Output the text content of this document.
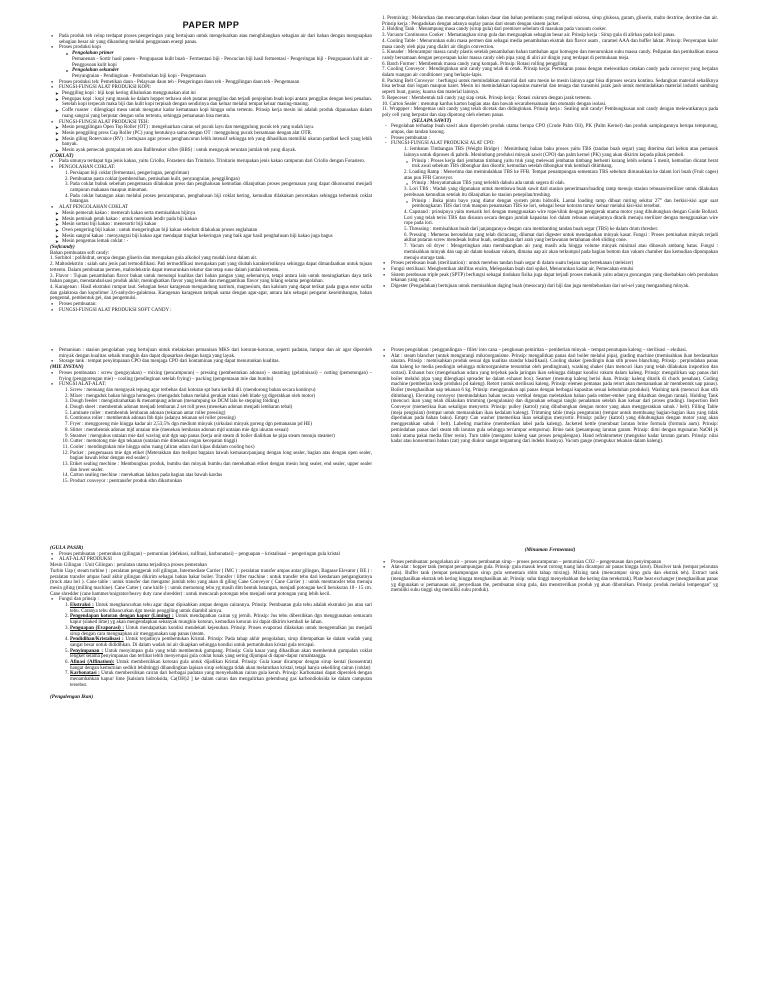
PAPER MPP
● Pada produk teh celup terdapat proses pengeringan yang bertujuan untuk mengeluarkan atau menghilangkan sebagian air dari bahan dengan menguapkan sebagian besar air yang dikandung melalui penggunaan energi panas.
● Proses produksi kopi
o Pengolahan primer

Pemanenan - Sortir hasil panen - Pengupasan kulit buah - Fermentasi biji - Pencucian biji hasil fermentasi - Pengeringan biji - Pengupasan kulit air - Penggosoan kulit kopi

o Pengolahan sekunder

Penyangraian - Pendinginan - Pembubukan biji kopi - Pengemasan

● Proses produksi teh: Pemetikan daun - Pelayuan daun teh - Pengeringan daun teh - Penggilingan daun teh - Pengemasan
● FUNGSI-FUNGSI ALAT PRODUKSI KOPI:
➤ Penggiling kopi : biji kopi kering dihaluskan menggunakan alat ini
➤ Pengupas kopi : kopi yang masuk ke dalam hopper terbawa oleh putaran penggilas dan terjadi penjepitan buah kopi antara penggilas dengan besi penahan. Setelah kopi terpecah maka biji dan kulit kopi terpisah dengan sendirinya dan keluar melalui tempat keluar masing-masing.
➤ Coffe roaster : dilengkapi mesu untuk mengatur kadar kematanan kopi hingga suhu tertentu. Prinsip kerja mesin ini adalah produk dipanaskan dalam ruang sangrai yang berputar dengan suhu tertentu, sehingga pemanasan bisa merata.
● FUNGSI-FUNGSI ALAT PRODUKSI TEH:
➤ Mesin penggilingan Open Top Roller (OT) : mengeluarkan cairan sel pucuk layu dan menggulung pucuk teh yang sudah layu.
➤ Mesin penggiling press Cap Roller (PC) yang bentuknya sama dengan OT : menggulung pucuk bersamaan dengan alat OTR.
➤ Mesin giling Rotervance (RV) : bertujuan agar proses penghancuran lebih intensif sehingga teh yang dihasilkan memiliki ukuran partikel kecil yang lebih banyak.
➤ Mesin ayak pemecah gumpalan teh atau Ballbreaker sifter (BBS) : untuk mengayak teruntan jumlah teh yang diayak.

(COKLAT)

● Pada umunya terdapat tiga jenis kakao, yaitu Criollo, Forastero dan Trinitario. Trinitario merupakan jenis kakao campuran dari Criollo dengan Forastero.
● PENGOLAHAN COKLAT:
1. Persiapan biji coklat (fermentasi, pengeringan, pengiriman)
2. Pembuatan pasta coklat (pembersihan, pemisahan kulit, penyangraian, penggilingan)
3. Pada coklat bubuk sebelum pengemasan dilakukan press dan penghalusan kemudian dilanjutkan proses pengemasan yang dapat dikonsumsi menjadi campuran makanan maupun minuman.
4. Pada coklat batangan akan melalui proses pencampuran, penghalusan biji coklat kering, kemudian dilakukan pencetakan sehingga terbentuk coklat batangan.
● ALAT PENGOLAHAN COKLAT
➤ Mesin pemecah kakao : memecah kakao serta memisahkan bijinya
➤ Mesin pemisah getah kakao : untuk memisah lendir pada biji kakao
➤ Mesin sortasi biji kakao : menesortir biji kakao
➤ Oven pengering biji kakao : untuk mengeringkan biji kakao sebelum dilakukan proses englahatan
➤ Mesin sangrai kakao : menyangrai biji kakao agar mendapat tingkat kekeringan yang baik agar hasil penghalusan biji kakao juga bagus
➤ Mesin pengemas lemak coklat : -

(Softcandy)

Bahan pembuatan soft candy:

1. Sorbitol : polihidrat, serupa dengan gliserin dan merupakan gula alkohol yang mudah larut dalam air.

2. Maltodekstrin : salah satu jenis pati termodifikasi. Pati termodifikasi merupakan pati yang diubah karakteristiknya sehingga dapat dimanfaatkan untuk tujuan tertentu. Dalam pembuatan permen, maltodekstrin dapat menurunkan tekstur dan tetap suus dalam jumlah tertentu.

3. Flavor : Tujuan penambahan flavor bukan untuk menutupi kualitas dari bahan pangan yang sebenarnya, tetapi antara lain untuk meningkatkan daya tarik bahan pangan, menstandarisasi produk akhir, meningkatkan flavor yang lemah dan menggantikan flavor yang hilang selama pengolahan.

4. Karagenan : Hasil ekstraksi rumput laut. Sebagian besar karagenan mengandung natrium, magnesium, dan kalsium yang dapat terikat pada gugus ester sulfat dan galaktosa dan kopolimer 3,6-anhydro-galaktosa. Karagenan karagenan tampak sama dengan agar-agar, antara lain sebagai pengatur keseimbangan, bahan pengental, pembentuk gel, dan pengemulsi.

● Proses pembuatan:
● FUNGSI-FUNGSI ALAT PRODUKSI SOFT CANDY :

1. Premixing : Melarutkan dan mencampurkan bahan dasar dan bahan pembantu yang meliputi sukrosa, sirup glukosa, garam, gliserin, malto dextrine, dextrine dan air. Prinsip kerja : Pengadukan dengan adanya suplay panas dari steam dengan sistem jacket.

2. Holding Tank : Menampung masa candy (sirup gula) dari premixer sebelum di masukan pada vacuum cooker.

3. Vacuum Continuous Cooker : Mematangkan sirup gula dan menguapkan sebagian besar air. Prinsip kerja : Sirup gula di alirkan pada koil panas.

4. Cooling Table : Menurunkan suhu masa permen dan sebagai media penambahan ekstrak dan flavor asam , caramel AAA dan buffer laktat. Prinsip: Penyerapan kalor masa candy oleh pipa yang dialiri air dingin convection.

5. Kneader : Mencampur massa candy plastis setelah penambahan bahan tambahan agar homogen dan menurunkan suhu massa candy. Pelipatan dan pembalikan massa candy bersamaan dengan penyerapan kalor massa candy oleh pipa yang di aliri air dingin yang terdapat di permukaan meja.

6. Batch Former : Membentuk massa candy yang kompak. Prinsip: Rotasi rolling penggiling

7. Cooling Conveyor : Mendinginkan unit candy yang telah di cetak. Prinsip kerja: Pertukaran panas dengan melewatkan cetakan candy pada conveyor yang berjalan dalam ruangan air conditioner yang berlapis-lapis.

8. Packing Belt Conveyor : berfungsi untuk memindahkan material dari satu mesin ke mesin lainnya agar bisa diproses secara kontinu. Sedangkan material sebaliknya bisa terbuat dari logam maupun karet. Mesin ini memindahkan kapasitas material dan tenaga dan transmisi jarak jauh untuk memindahkan material industri sambung seperti buut, gunny, kuarsa dan material lainnya.

9. Repeceser : Membentuk tali candy yag siap cetak. Prinsip kerja : Rotasi cukrum dengan jarak tertentu.

10. Carton Sealer : menutup kardus karton bagian atas dan bawah secarabersamaan dan otomatis dengan isolasi.

11. Wrappper : Mengemas unit candy yang telah dicetak dan didinginkan. Prinsip kerja : Sealing unit candy/ Pembungkusan unit candy dengan melewatkannya pada poly cell yang berputar dan siap dipotong oleh elemen panas.

(SELAPA SAWIT)

- Pengolahan terhadap buah sawit akan diperoleh produk utama berupa CPO (Crude Palm Oil), PK (Palm Kernel) dan produk sampingannya berupa tempurung, ampas, dan tandan kosong.
- Proses pembuatan :
- FUNGSI-FUNGSI ALAT PRODUKSI ALAT CPO:

1. Jembatan Timbangan TBS (Weight Bridge) : Menimbang bahan baku proses yaitu TBS (tandan buah segar) yang diterima dari kebun atau pemasok lainnya untuk diproses di pabrik. Menimbang produksi minyak sawit (CPO) dan palm kernel (PK) yang akan dikirim kepada pihak pembeli.

o Prinsip : Proses kerja dari jembatan timbang yaitu truk yang melewati jembatan timbang berhenti kurang lebih selama 5 menit, kemudian dicatat berat truk awal sebelum TBS dibongkar dan disortir, kemudian setelah dibongkar truk kembali ditimbang.

2. Loading Ramp : Menerima dan memindahkan TBS ke FFB. Tempat penampungan sementara TBS sebelum dimasukkan ke dalam lori buah (Fruit cages) atau pun FFB Conveyor.

o Prinsip : Menyatumakan TBS yang terlebih dahulu ada untuk segera di olah.

3. Lori TBS : Wadah yang digunakan untuk membawa buah sawit dari stasiun penerimaan/loading ramp menuju stasiun rebusan/sterilizer untuk dilakukan perebusan kemudian setelah itu dilanjutkan ke stasiun penepilan/treshing.

o Prinsip : Buka pintu bayo yang diatur dengan system pintu hidrolik. Lantai loading ramp dibuat miring sekitar 27° dan berkisi-kisi agar saat pembongkaran TBS dari truk maupun penamakan TBS ke lori, sebagai besar kotoran turun/ keluar melalui kisi-kisi tersebut.

4. Capstand : prinsipnya yaitu menarik lori dengan menggunakan wire rope/slink dengan penggerak utama motor yang dihubungkan dengan Guide Bollard. Lori yang telah terisi TBS dan disusun secara dengan jumlah kapasitas lori dalam rebusan selanjutnya ditarik menuju sterilizer dengan menggunakan wire rope pada lori.

5. Threasing : memisahkan buah dari janjangannya dengan cara membanting tandan buah segar (TBS) ke dalam drum thresher.

6. Pressing : Memeras berondolan yang telah dicincang, dilumat dari digester untuk mendapatkan minyak kasar. Fungsi : Proses pemisahan minyak terjadi akibat putaran screw mendesak bubur buah, sedangkan dari arah yang berlawanan tertahanan oleh sliding cone.

7. Vacum oil dryer : Mengeringkan atau membuangkan air yang masih ada hingga volume minyak minimal atau dibawah ambang batas. Fungsi : memisahkan minyak dan uap air dalam keadaan vakum, dimana uap air akan terkumpul pada bagian bottom dan vakum chamber dan kemudian dipompakan menuju storage tank.

● Proses perebusan buah (sterilization) : untuk merebus tandan buah segar di dalam suatu bejana uap bertekanan (steleizer)
● Fungsi sterilisasi: Menghentikan aktifitas enzim, Melepaskan buah dari spikel, Menurunkan kadar air, Pemecahan emulsi
● Sistem perebusan triple peak (SPTP) berfungsi sebagai tindakan fisika juga dapat terjadi proses mekanik yaitu adanya goncangan yang disebabkan oleh perubahan tekanan yang cepat.
● Digester (Pengadukan) bertujuan untuk memisahkan daging buah (mesocarp) dari biji dan juga membebaskan dari sel-sel yang mengandung minyak.
● Pemanisan : stasiun pengolahan yang bertujuan untuk melakukan pemanisan MKS dari kotoran-kotoran, seperti padatan, lumpur dan air agar diperoleh minyak dengan kualitas sebaik mungkin dan dapat dipasarkan dengan harga yang layak.
● Storage tank : tempat penyimpanan CPO dan menjaga CPO dari kontaminan yang dapat menurunkan kualitas.

(MIE INSTAN)

● Proses pembuatan : screw (pengayakan) – mixing (pencampuran) – pressing (pembentukan adonan) – steaming (gelatinisasi) – cutting (pemotongan) – frying (penggorengan mie) – cooling (pendinginan setelah frying) – packing (pengemasan mie dan bumbu)
● FUNGSI ALAT-ALAT:
1. Screw : menuang dan mengayak tepung agar terbebas dari kotoran spt batu kerikil dll. (mendorong bahan secara kontinyu)
2. Mixer : mengaduk bahan hingga homogen. (mengaduk bahan melalui gerakan rotasi oleh blade yg digerakkan oleh motor)
3. Dough feeder : mengistirahatkan & menampung adonan (menampung ke DCM lalu ke stepping folding)
4. Dough sheet : membentuk adonan menjadi lembaran 2 set roll press (menekan adonan menjadi lembaran tebal)
5. Laminate roller : membentuk lembaran adonan (tekanan antar roller pressing)
6. Continous roller : membentuk adonan lbh tipis (adanya tekanan sel roller pressing)
7. Fryer : menggoreng mie hingga kadar air 2,53,5% dgn medium minyak (sirkulasi minyak goreng dgn pemanasan pd HE)
8. Slitter : membentuk adonan mjd untaian mie (menekan lembaran adonan mjd untaian mie dgn ukuran sesuai)
9. Steamer : mengukus untaian mie dari waving unit dgn uap panas (kerja unit steam di boiler dialirkan ke pipa steam menuju steamer)
10. Cutter : memotong mie dgn tekanan (untaian mie ditekanal engan kecepatan tinggi)
11. Cooler : mendinginkan mie hingga suhu ruang (aliran udara dari kipas didalam cooling box)
12. Packer : pengemasan mie dgn etiket (Meterakkan dan meliput bagaian bawah kemasan/panjang dengan long sealer, bagian atas dengan open sealer, bagian bawah lebar dengan end sealer.)
13. Etiket sealing mechine : Membungkus produk, bumbu dan minyak bumbu dan merekatkan etiket dengan mesin long sealer, end sealer, upper sealer dan lower sealer.
14. Carton sealing mechine : merekatkan lakban pada bagian atas bawah kardus
15. Product conveyor : pentransfer produk sthn dikartonkan
● Proses pengolahan : penggunlingan – fillet/ into cana – pengkusan pemiritan – pemberian minyak – tempat penutupan kaleng – sterilisasi – ekuhasi.
● Alat : steam blancher (untuk mengurangi mikroorganisme. Prinsip: mengalirkan panas dari boiler melalui pipa), grading machine (memisahkan ikan berdasarkan ukuran. Prinsip : memisahkan produk sesuai dgn kualitas standar klasifikasi). Cooling shaker (pendingin ikan stlh proses blanching. Prinsip : perpindahan panas dan kaleng ke media pendingin sehingga mikroorganisme tersumbat oleh pendinginan), washing shaker (dan mencuci ikan yang telah dilakukan insportion dan sortasi). Exhaust box (mengeluarkan udara yang terjebak pada jaringan ikan sehingga didapat kondisi vakum dalam kaleng. Prinsip: mengalirkan uap panas dari boiler melalui pipa yang dilengkapi spreader ke dalam exhaust box). Seamer (menutup kaleng berisi ikan. Prinsip: kaleng ditarik di chuck penahan). Coding machine (pemberian kode produksi pd kaleng). Retort (untuk sterilisasi kaleng. Prinsip: elemen pemanas pada retort akan memanaskan air membentuk uap panas). Boiler (menghasilkan uap tekanan 6 kg. Prinsip: menggunakan api panas dengan berbagai kapasitas sesuai kebutuhan produksi). Washing tank (mencuci ikan stlh ditimbang). Elevating conveyor (memindahkan bahan secara vertikal dengan meletakkan bahan pada ember-ember yang dikaitkan dengan rantai). Holding Tank (mencuci ikan yang telah dilakukan trimming (pengulanan) dan digunakan sebagai tangki penalaman setelah ikan keluar dari proses grading). Inspection Belt Conveyor (memeriksa ikan sekaligus menyortir. Prinsip: pulley (katrol) yang dihubungkan dengan motor yang akan menggerakkan sabuk / belt). Filling Table (meja pengisian) (tempat untuk memasukkan ikan kedalam kaleng). Trimming table (meja pengaturan) (tempat untuk membuang bagian-bagian ikan yang tidak diperlukan pada bahan baku). Empty Can washer (memeriksa ikan sekaligus menyortir. Prinsip: pulley (katrol) yang dihubungkan dengan motor yang akan menggerakkan sabuk / belt). Labeling machine (memberikan label pada kaleng). Jacketed kettle (membuat larutan brine formula (formula aum). Prinsip: pemindahan panas dari steam tdh larutan gula sehingga tercampur sempurna). Brine tank (penampung larutan garam. Prinsip: dimi dengan mgunaran NaOH jk tanki utama pakai media filter resin). Turn table (mengatur kaleng saat proses pengalengan). Hand refraktometer (mengukur kadar larutan garam. Prinsip: nilai kadar atau konsentrasi bahan (zat) yang diukur sangat tergantung dari indeks biasnya). Vacum gauge (mengukur tekanan dalam kaleng).

(GULA PASIR)

● Proses pembuatan : pemerahan (gilingan) – pemurnian (defekasi, sulfitasi, karbonatasi) – penguapan – kristalisasi – pengeringan gula kristal
● ALAT-ALAT PRODUKSI

Mesin Gilingan : Unit Gilingan : peralatan utama terjadinya proses pemerahan

Turbin Uap ( steam turbine ) : peralatan penggerak roll gilingan, Intermediate Carrier ( IMC ) : peralatan transfer ampas antar gilingan, Bagasse Elevator ( BE ) : peralatan transfer ampas hasil akhir gilingan dikirim sebagai bahan bakar boiler. Transfer / lifter machine : untuk transfer tebu dari kendaraan pengangkutnya (truck atau lori ). Cane table : untuk transfer dan mengatur jumlah tebu yang akan di giling Cane Conveyor ( Cane Carrier ) : untuk mentransfer tebu menuju mesin giling (milling machine). Cane Cutter ( cane knife ) : untuk memotong tebu yg masih dlm bentuk batangan, menjadi potongan kecil berukuran 10 - 15 cm. Cane shredder (cane hammer/unigrator/heavy duty cane shredder) : untuk mencacah potongan tebu menjadi serat potongan yang lebih kecil.

● Fungsi dan prinsip :
1. Ekstraksi : Untuk menghancurkan tebu agar dapat dipisahkan ampas dengan cairannya. Prinsip: Pembuatan gula tebu adalah ekstraksi jus atau sari tebu. Caranya tebu dihancurkan dgn mesin penggiling untuk diambil airnya.
2. Pengendapan kotoran dengan kapur (Liming) : Untuk mendapatkan cairan yg jernih. Prinsip: Jus tebu dibersihkan dgn menggunakan semacam kapur (slaked lime) yg akan mengendapkan sebanyak mungkin kotoran, kemudian kotoran ini dapat dikirim kembali ke lahan.
3. Penguapan (Evaporasi) : Untuk mendapatkan kondisi mendekati kejenuhan. Prinsip: Proses evaporasi dilakukan untuk mengentalkan jus menjadi sirup dengan cara menguapkan air menggunakan uap panas (steam.
4. Pendidihan/Kristalisasi : Untuk terjadinya pembentukan Kristal. Prinsip: Pada tahap akhir pengolahan, sirup ditempatkan ke dalam wadah yang sangat besar untuk dididihkan. Di dalam wadah ini air diuapkan sehingga kondisi untuk pertumbuhan kristal gula tercapai.
5. Penyimpanan : Untuk menyimpan gula yang telah membentuk gumpang. Prinsip: Gula kasar yang dihasilkan akan membentuk gumpalan coklat lengket selama penyimpanan dan terlihat lebih menyerupai gula coklat lunak yang sering dijumpai di dapur-dapur rumahtangga.
6. Afinasi (Affination): Untuk membersihkan kotoran gula untuk dijadikan Kristal. Prinsip: Gula kasar dicampur dengan sirup kental (konsentrat) hangat dengan kemurnian sedikit lebihtinggi dibandingkan lapisan sirup sehingga tidak akan melarutkan kristal, tetapi hanya sekeliling cairan (coklat)
7. Karbonatasi : Untuk membersihkan cairan dari berbagai padatan yang menyebabkan cairan gula keruh. Prinsip: Karbonatasi dapat diperoleh dengan menambahkan kapur/ lime [kalsium hidroksida, Ca(OH)2 ] ke dalam cairan dan mengalirkan gelembung gas karbondioksida ke dalam campuran tersebut.

(Pengalengan Ikan)

(Minuman Fermentasi)

● Proses pembuatan: pengolahan air – proses pembuatan sirup – proses pencampuran – pemurnian CO2 – pengemasan dan penyimpanan
● Alat-alat : hopper tank (tempat penampungan gula. Prinsip: gula masuk lewat corong tuang lalu dicampur air panas hingga larut). Dissilver tank (tempat pelarutan gula). Buffer tank (tempat penampungan sirup gula sementara sblm tahap mixing). Mixing tank (mencampur sirup gula dan ekstrak teh). Extract tank (menghasilkan ekstrak teh kering hingga menghasilkan air. Prinsip: suhu tinggi menyebabkan the kering dan terekstrak). Plate heat exchanger (menghasilkan panas yg digunakan u/ pemanasan air, penyediaan the, pembuatan sirup gula, dan menstrerilkan produk yg akan dibotolkan. Prinsip: produk melalui lempengan" yg memiliki suhu tinggi shg memiliki suhu produk).
